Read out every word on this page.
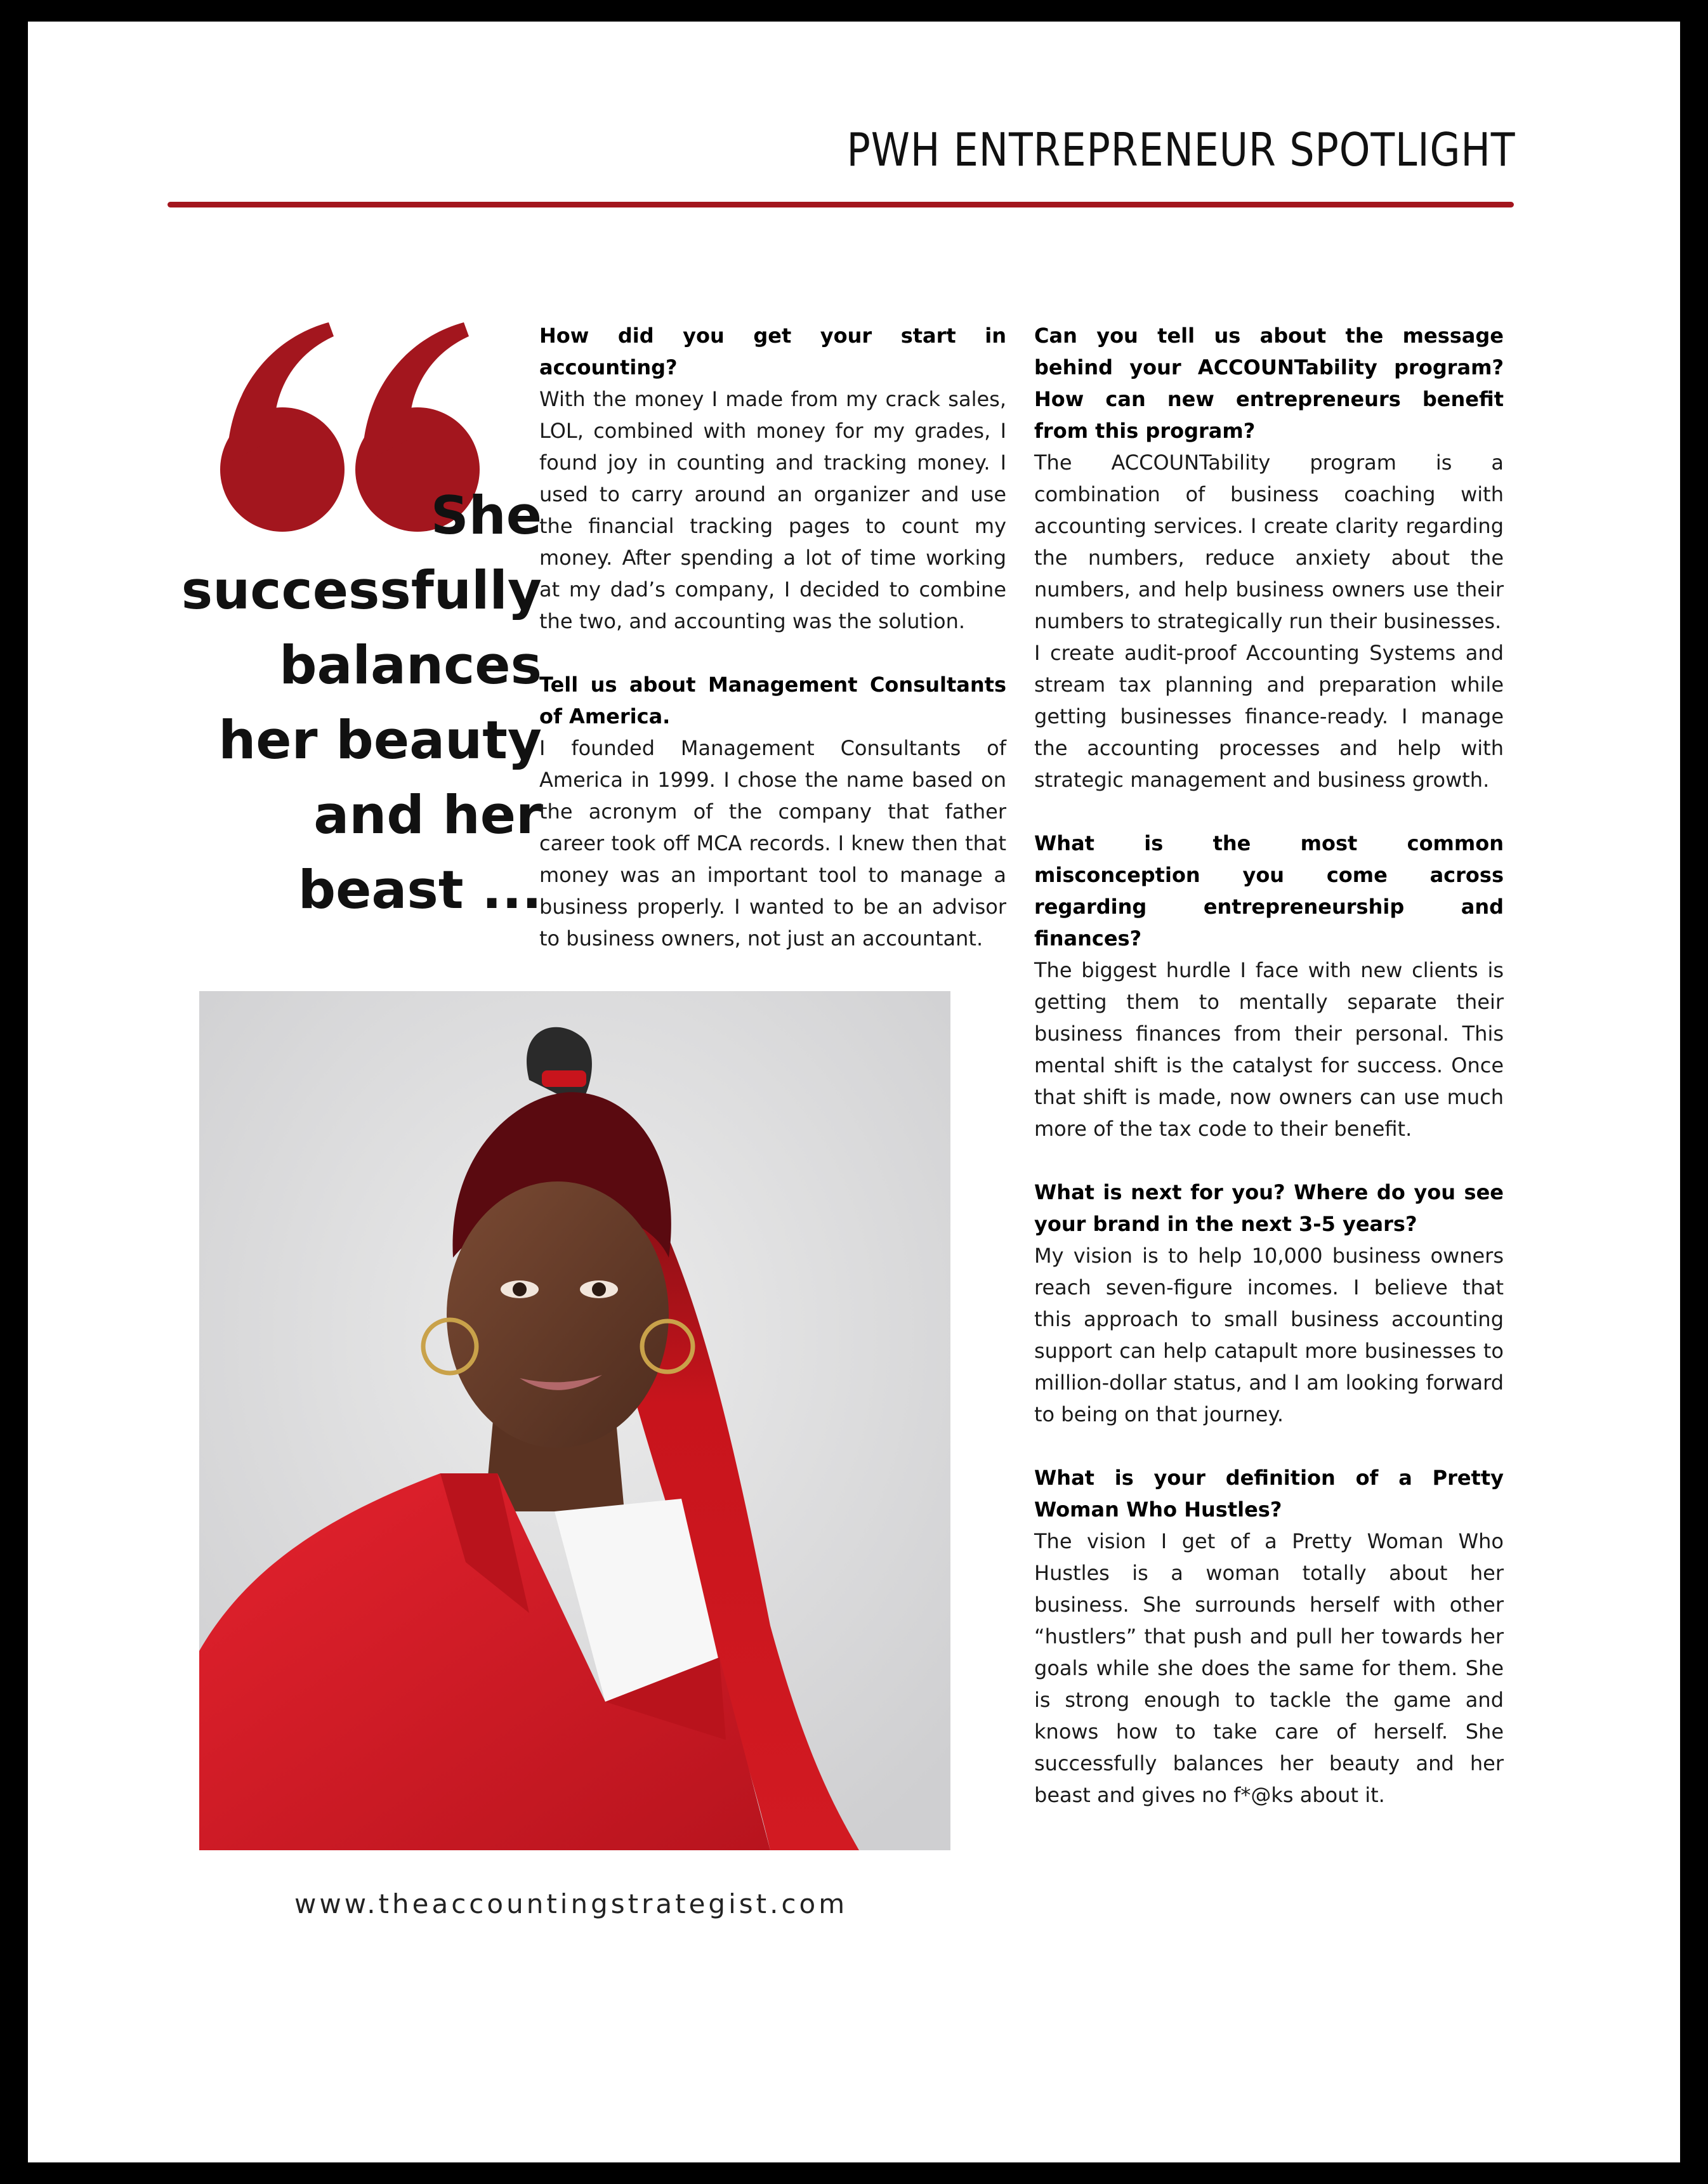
PWH ENTREPRENEUR SPOTLIGHT
She
successfully
balances
her beauty
and her
beast ...

How did you get your start in accounting?

With the money I made from my crack sales, LOL, combined with money for my grades, I found joy in counting and tracking money. I used to carry around an organizer and use the financial tracking pages to count my money. After spending a lot of time working at my dad’s company, I decided to combine the two, and accounting was the solution.

Tell us about Management Consultants of America.

I founded Management Consultants of America in 1999. I chose the name based on the acronym of the company that father career took off MCA records. I knew then that money was an important tool to manage a business properly. I wanted to be an advisor to business owners, not just an accountant.

Can you tell us about the message behind your ACCOUNTability program? How can new entrepreneurs benefit from this program?

The ACCOUNTability program is a combination of business coaching with accounting services. I create clarity regarding the numbers, reduce anxiety about the numbers, and help business owners use their numbers to strategically run their businesses.

I create audit-proof Accounting Systems and stream tax planning and preparation while getting businesses finance-ready. I manage the accounting processes and help with strategic management and business growth.

What is the most common misconception you come across regarding entrepreneurship and finances?

The biggest hurdle I face with new clients is getting them to mentally separate their business finances from their personal. This mental shift is the catalyst for success. Once that shift is made, now owners can use much more of the tax code to their benefit.

What is next for you? Where do you see your brand in the next 3-5 years?

My vision is to help 10,000 business owners reach seven-figure incomes. I believe that this approach to small business accounting support can help catapult more businesses to million-dollar status, and I am looking forward to being on that journey.

What is your definition of a Pretty Woman Who Hustles?

The vision I get of a Pretty Woman Who Hustles is a woman totally about her business. She surrounds herself with other “hustlers” that push and pull her towards her goals while she does the same for them. She is strong enough to tackle the game and knows how to take care of herself. She successfully balances her beauty and her beast and gives no f*@ks about it.

www.theaccountingstrategist.com
